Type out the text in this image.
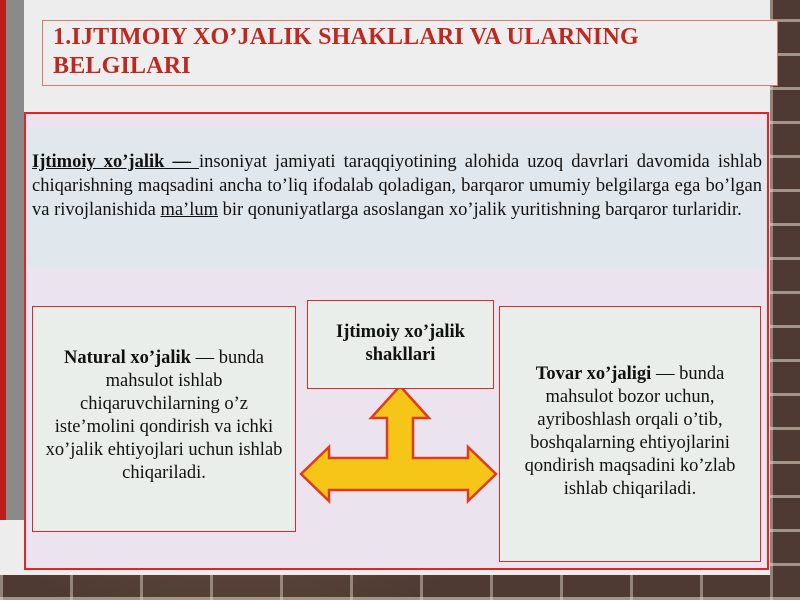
1.IJTIMOIY XO’JALIK SHAKLLARI VA ULARNING BELGILARI
Ijtimoiy xo’jalik — insoniyat jamiyati taraqqiyotining alohida uzoq davrlari davomida ishlab chiqarishning maqsadini ancha to’liq ifodalab qoladigan, barqaror umumiy belgilarga ega bo’lgan va rivojlanishida ma’lum bir qonuniyatlarga asoslangan xo’jalik yuritishning barqaror turlaridir.
Ijtimoiy xo’jalik shakllari
Natural xo’jalik — bunda mahsulot ishlab chiqaruvchilarning o’z iste’molini qondirish va ichki xo’jalik ehtiyojlari uchun ishlab chiqariladi.
Tovar xo’jaligi — bunda mahsulot bozor uchun, ayriboshlash orqali o’tib, boshqalarning ehtiyojlarini qondirish maqsadini ko’zlab ishlab chiqariladi.
